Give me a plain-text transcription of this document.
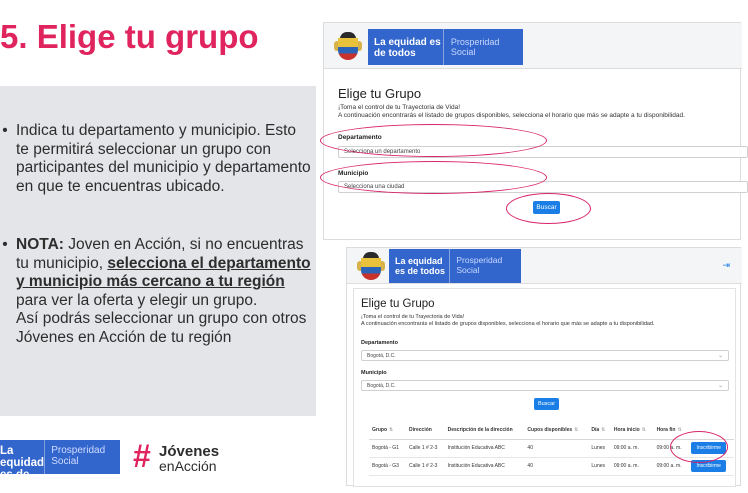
5. Elige tu grupo
• Indica tu departamento y municipio. Esto te permitirá seleccionar un grupo con participantes del municipio y departamento en que te encuentras ubicado.
• NOTA: Joven en Acción, si no encuentras tu municipio, selecciona el departamento y municipio más cercano a tu región para ver la oferta y elegir un grupo.
Así podrás seleccionar un grupo con otros Jóvenes en Acción de tu región
La equidad es de todos
Prosperidad Social	# Jóvenes
enAcción
La equidad es de todos
Prosperidad Social
Elige tu Grupo
¡Toma el control de tu Trayectoria de Vida!
A continuación encontrarás el listado de grupos disponibles, selecciona el horario que más se adapte a tu disponibilidad.
Departamento
Selecciona un departamento
Municipio
Selecciona una ciudad
Buscar
La equidad es de todos
Prosperidad Social	⇥
Elige tu Grupo
¡Toma el control de tu Trayectoria de Vida!
A continuación encontrarás el listado de grupos disponibles, selecciona el horario que más se adapte a tu disponibilidad.
Departamento
Bogotá, D.C.	⌄
Municipio
Bogotá, D.C.	⌄
Buscar
Grupo ⇅	Dirección	Descripción de la dirección	Cupos disponibles ⇅	Día ⇅	Hora inicio ⇅	Hora fin ⇅	
Bogotá - G1	Calle 1 # 2-3	Institución Educativa ABC	40	Lunes	09:00 a. m.	09:00 a. m.	Inscribirme
Bogotá - G3	Calle 1 # 2-3	Institución Educativa ABC	40	Lunes	09:00 a. m.	09:00 a. m.	Inscribirme
